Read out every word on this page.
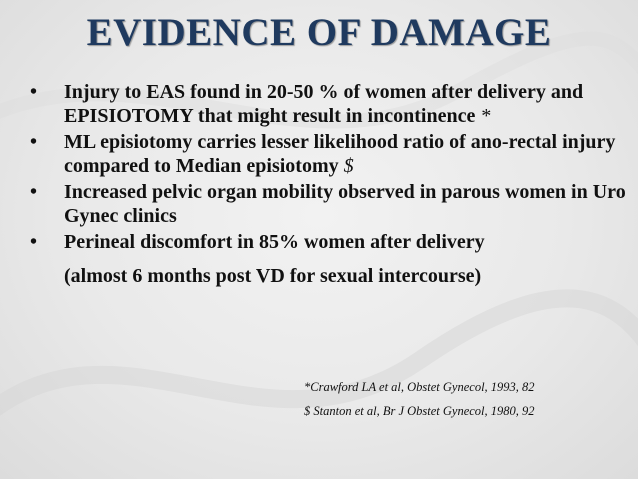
EVIDENCE OF DAMAGE
• Injury to EAS found in 20-50 % of women after delivery and EPISIOTOMY that might result in incontinence *
• ML episiotomy carries lesser likelihood ratio of ano-rectal injury compared to Median episiotomy $
• Increased pelvic organ mobility observed in parous women in Uro Gynec clinics
• Perineal discomfort in 85% women after delivery
(almost 6 months post VD for sexual intercourse)
*Crawford LA et al, Obstet Gynecol, 1993, 82
$ Stanton et al, Br J Obstet Gynecol, 1980, 92
